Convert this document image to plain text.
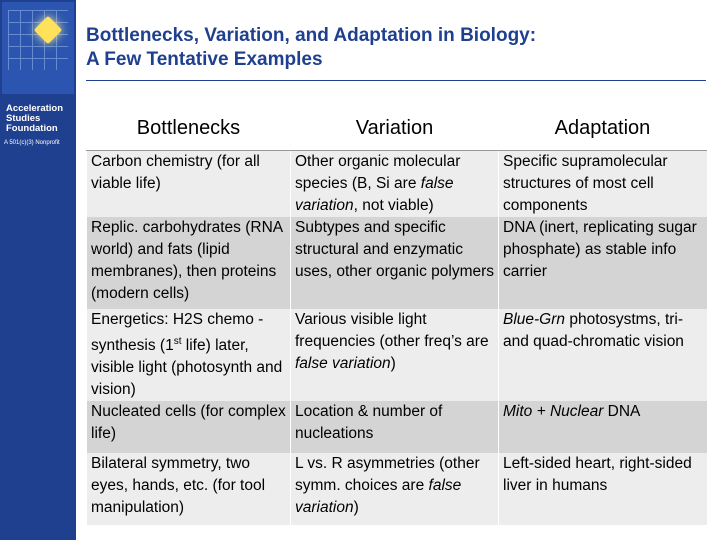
Acceleration
Studies
Foundation
A 501(c)(3) Nonprofit
Bottlenecks, Variation, and Adaptation in Biology:
A Few Tentative Examples
Bottlenecks	Variation	Adaptation
Carbon chemistry (for all viable life)	Other organic molecular species (B, Si are false variation, not viable)	Specific supramolecular structures of most cell components
Replic. carbohydrates (RNA world) and fats (lipid membranes), then proteins (modern cells)	Subtypes and specific structural and enzymatic uses, other organic polymers	DNA (inert, replicating sugar phosphate) as stable info carrier
Energetics: H2S chemo -synthesis (1st life) later, visible light (photosynth and vision)	Various visible light frequencies (other freq’s are false variation)	Blue-Grn photosystms, tri- and quad-chromatic vision
Nucleated cells (for complex life)	Location & number of nucleations	Mito + Nuclear DNA
Bilateral symmetry, two eyes, hands, etc. (for tool manipulation)	L vs. R asymmetries (other symm. choices are false variation)	Left-sided heart, right-sided liver in humans
